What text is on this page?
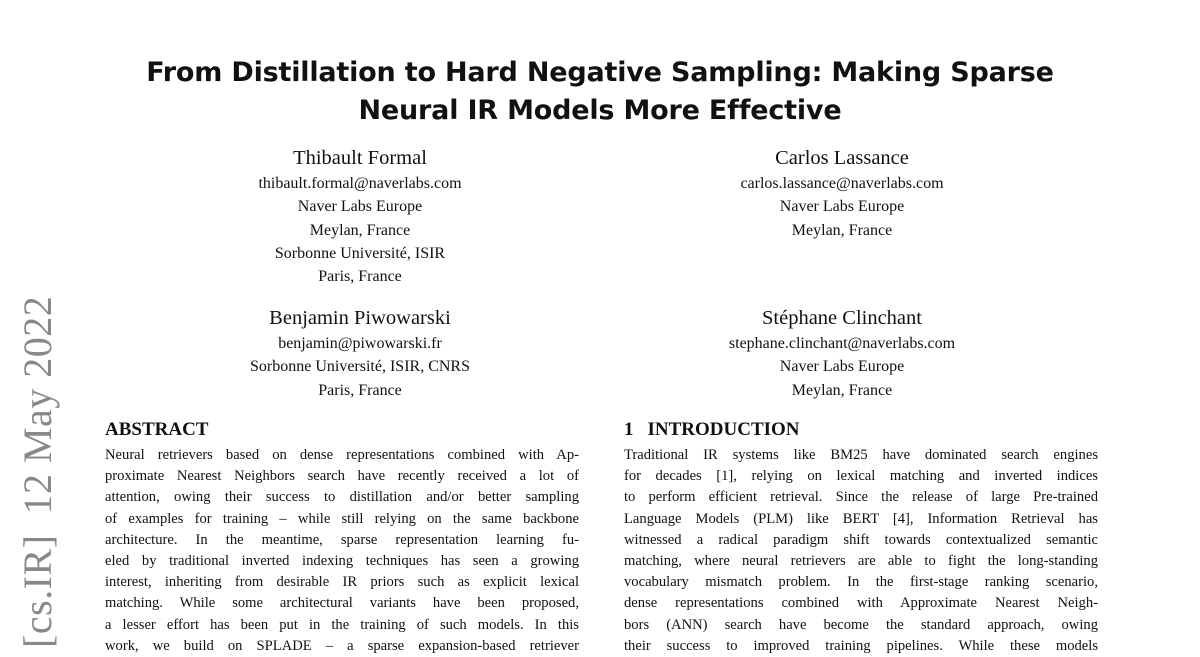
From Distillation to Hard Negative Sampling: Making Sparse
Neural IR Models More Effective
Thibault Formal
thibault.formal@naverlabs.com
Naver Labs Europe
Meylan, France
Sorbonne Université, ISIR
Paris, France
Carlos Lassance
carlos.lassance@naverlabs.com
Naver Labs Europe
Meylan, France
Benjamin Piwowarski
benjamin@piwowarski.fr
Sorbonne Université, ISIR, CNRS
Paris, France
Stéphane Clinchant
stephane.clinchant@naverlabs.com
Naver Labs Europe
Meylan, France
[cs.IR]12 May 2022 ABSTRACT
Neural retrievers based on dense representations combined with Ap-
proximate Nearest Neighbors search have recently received a lot of
attention, owing their success to distillation and/or better sampling
of examples for training – while still relying on the same backbone
architecture. In the meantime, sparse representation learning fu-
eled by traditional inverted indexing techniques has seen a growing
interest, inheriting from desirable IR priors such as explicit lexical
matching. While some architectural variants have been proposed,
a lesser effort has been put in the training of such models. In this
work, we build on SPLADE – a sparse expansion-based retriever
1 INTRODUCTION
Traditional IR systems like BM25 have dominated search engines
for decades [1], relying on lexical matching and inverted indices
to perform efficient retrieval. Since the release of large Pre-trained
Language Models (PLM) like BERT [4], Information Retrieval has
witnessed a radical paradigm shift towards contextualized semantic
matching, where neural retrievers are able to fight the long-standing
vocabulary mismatch problem. In the first-stage ranking scenario,
dense representations combined with Approximate Nearest Neigh-
bors (ANN) search have become the standard approach, owing
their success to improved training pipelines. While these models
